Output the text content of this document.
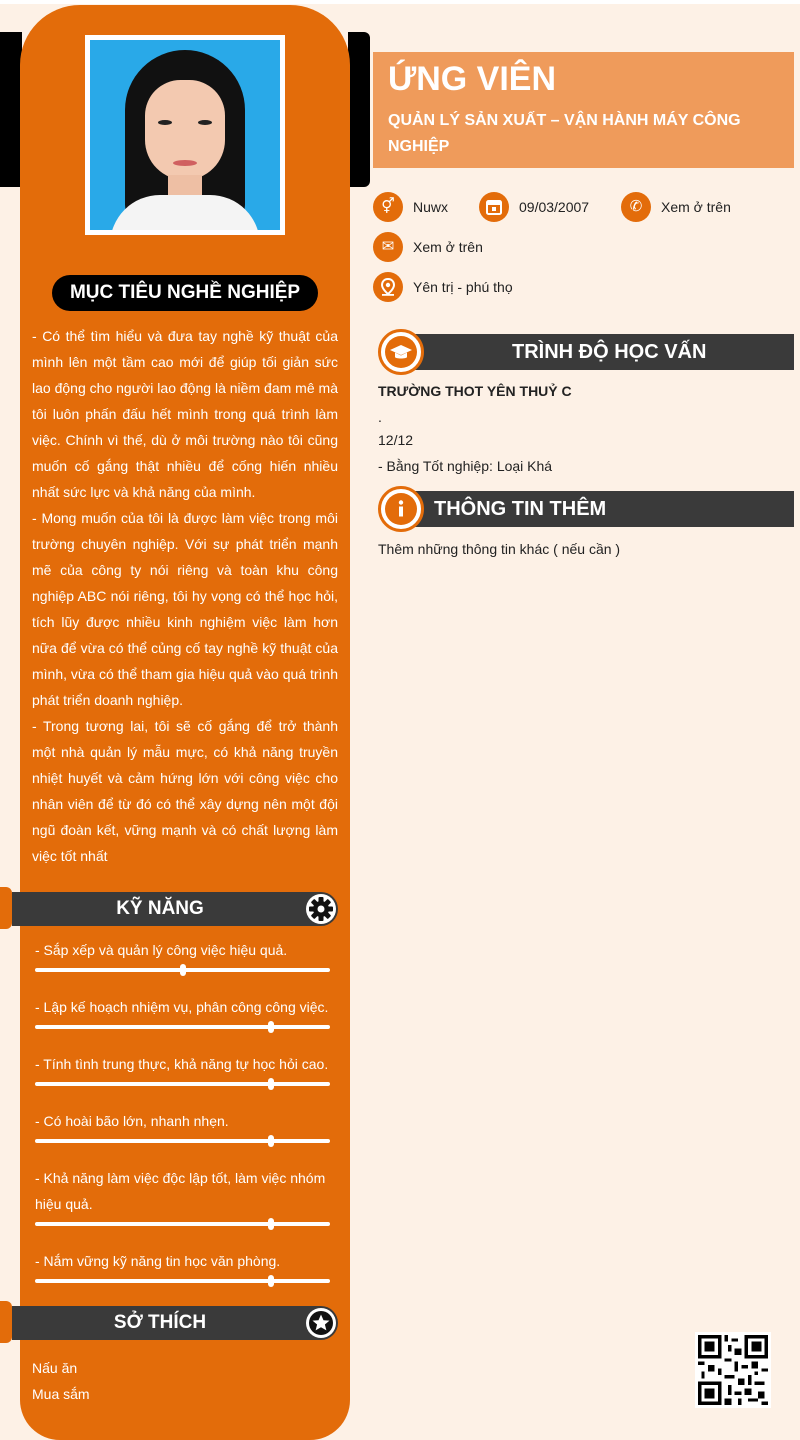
MỤC TIÊU NGHỀ NGHIỆP

- Có thể tìm hiểu và đưa tay nghề kỹ thuật của mình lên một tầm cao mới để giúp tối giản sức lao động cho người lao động là niềm đam mê mà tôi luôn phấn đấu hết mình trong quá trình làm việc. Chính vì thế, dù ở môi trường nào tôi cũng muốn cố gắng thật nhiều để cống hiến nhiều nhất sức lực và khả năng của mình.

- Mong muốn của tôi là được làm việc trong môi trường chuyên nghiệp. Với sự phát triển mạnh mẽ của công ty nói riêng và toàn khu công nghiệp ABC nói riêng, tôi hy vọng có thể học hỏi, tích lũy được nhiều kinh nghiệm việc làm hơn nữa để vừa có thể củng cố tay nghề kỹ thuật của mình, vừa có thể tham gia hiệu quả vào quá trình phát triển doanh nghiệp.

- Trong tương lai, tôi sẽ cố gắng để trở thành một nhà quản lý mẫu mực, có khả năng truyền nhiệt huyết và cảm hứng lớn với công việc cho nhân viên để từ đó có thể xây dựng nên một đội ngũ đoàn kết, vững mạnh và có chất lượng làm việc tốt nhất

KỸ NĂNG
- Sắp xếp và quản lý công việc hiệu quả.
- Lập kế hoạch nhiệm vụ, phân công công việc.
- Tính tình trung thực, khả năng tự học hỏi cao.
- Có hoài bão lớn, nhanh nhẹn.
- Khả năng làm việc độc lập tốt, làm việc nhóm hiệu quả.
- Nắm vững kỹ năng tin học văn phòng.
SỞ THÍCH
Nấu ăn
Mua sắm
ỨNG VIÊN
QUẢN LÝ SẢN XUẤT – VẬN HÀNH MÁY CÔNG NGHIỆP
⚥	Nuwx	09/03/2007	✆	Xem ở trên
✉	Xem ở trên
Yên trị - phú thọ
TRÌNH ĐỘ HỌC VẤN
TRƯỜNG THOT YÊN THUỶ C
.
12/12
- Bằng Tốt nghiệp: Loại Khá
THÔNG TIN THÊM
Thêm những thông tin khác ( nếu cần )
